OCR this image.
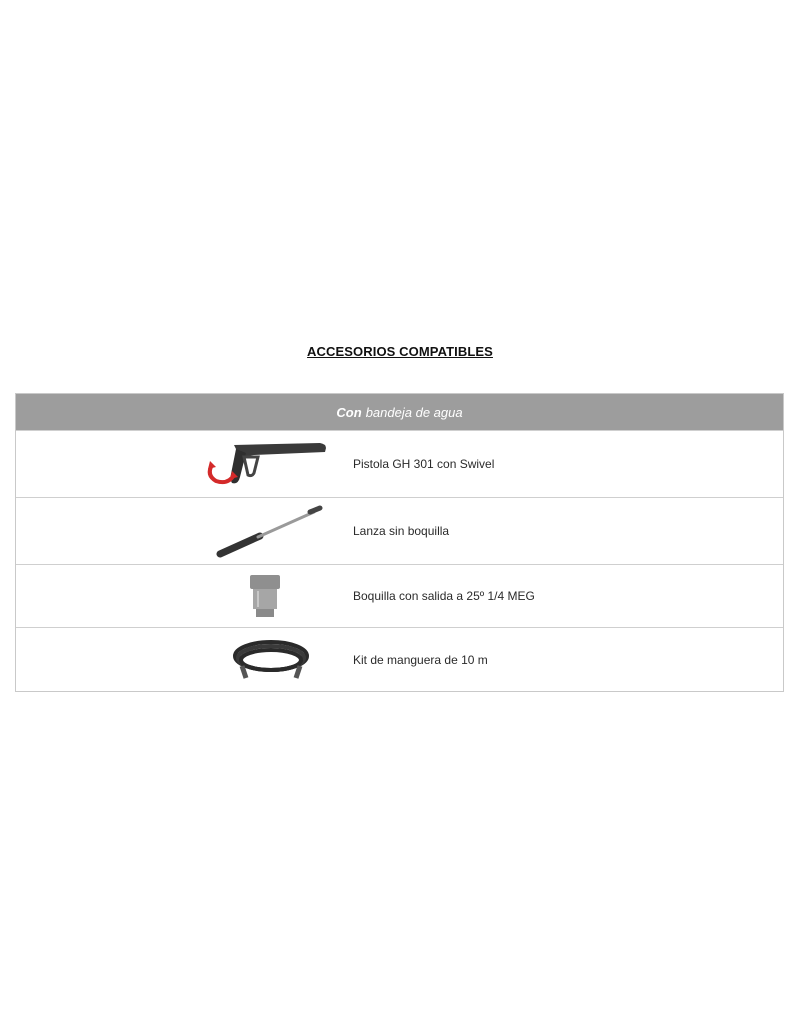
ACCESORIOS COMPATIBLES
Con bandeja de agua
Pistola GH 301 con Swivel
Lanza sin boquilla
Boquilla con salida a 25º 1/4 MEG
Kit de manguera de 10 m
